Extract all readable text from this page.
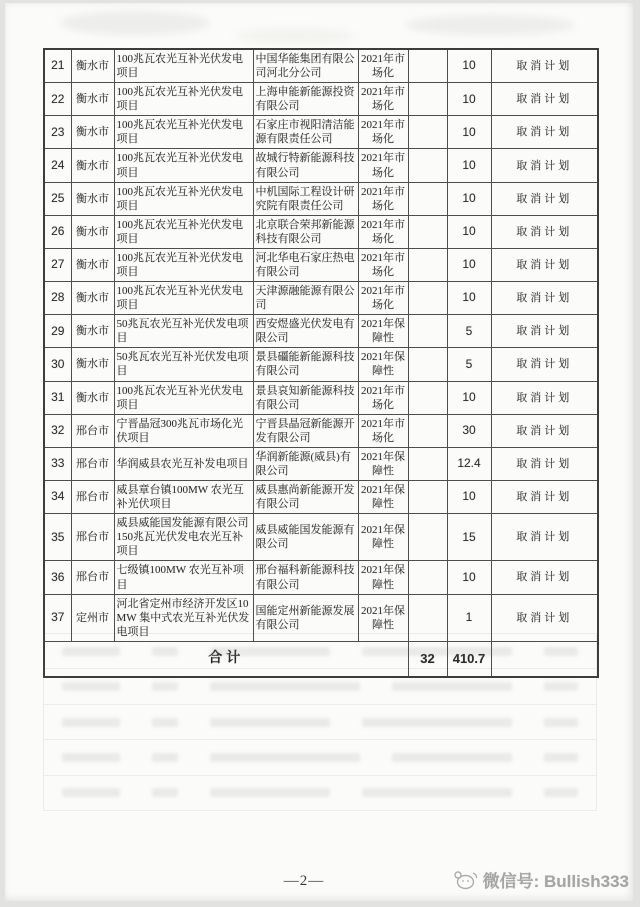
21	衡水市	100兆瓦农光互补光伏发电项目	中国华能集团有限公司河北分公司	2021年市场化		10	取消计划
22	衡水市	100兆瓦农光互补光伏发电项目	上海申能新能源投资有限公司	2021年市场化		10	取消计划
23	衡水市	100兆瓦农光互补光伏发电项目	石家庄市视阳清洁能源有限责任公司	2021年市场化		10	取消计划
24	衡水市	100兆瓦农光互补光伏发电项目	故城行特新能源科技有限公司	2021年市场化		10	取消计划
25	衡水市	100兆瓦农光互补光伏发电项目	中机国际工程设计研究院有限责任公司	2021年市场化		10	取消计划
26	衡水市	100兆瓦农光互补光伏发电项目	北京联合荣邦新能源科技有限公司	2021年市场化		10	取消计划
27	衡水市	100兆瓦农光互补光伏发电项目	河北华电石家庄热电有限公司	2021年市场化		10	取消计划
28	衡水市	100兆瓦农光互补光伏发电项目	天津源融能源有限公司	2021年市场化		10	取消计划
29	衡水市	50兆瓦农光互补光伏发电项目	西安煜盛光伏发电有限公司	2021年保障性		5	取消计划
30	衡水市	50兆瓦农光互补光伏发电项目	景县礓能新能源科技有限公司	2021年保障性		5	取消计划
31	衡水市	100兆瓦农光互补光伏发电项目	景县哀知新能源科技有限公司	2021年市场化		10	取消计划
32	邢台市	宁晋晶冠300兆瓦市场化光伏项目	宁晋县晶冠新能源开发有限公司	2021年市场化		30	取消计划
33	邢台市	华润威县农光互补发电项目	华润新能源(威县)有限公司	2021年保障性		12.4	取消计划
34	邢台市	威县章台镇100MW 农光互补光伏项目	威县惠尚新能源开发有限公司	2021年保障性		10	取消计划
35	邢台市	威县威能国发能源有限公司150兆瓦光伏发电农光互补项目	威县威能国发能源有限公司	2021年保障性		15	取消计划
36	邢台市	七级镇100MW 农光互补项目	邢台福科新能源科技有限公司	2021年保障性		10	取消计划
37	定州市	河北省定州市经济开发区10MW 集中式农光互补光伏发电项目	国能定州新能源发展有限公司	2021年保障性		1	取消计划
合计					32	410.7	
—2—	微信号: Bullish333
